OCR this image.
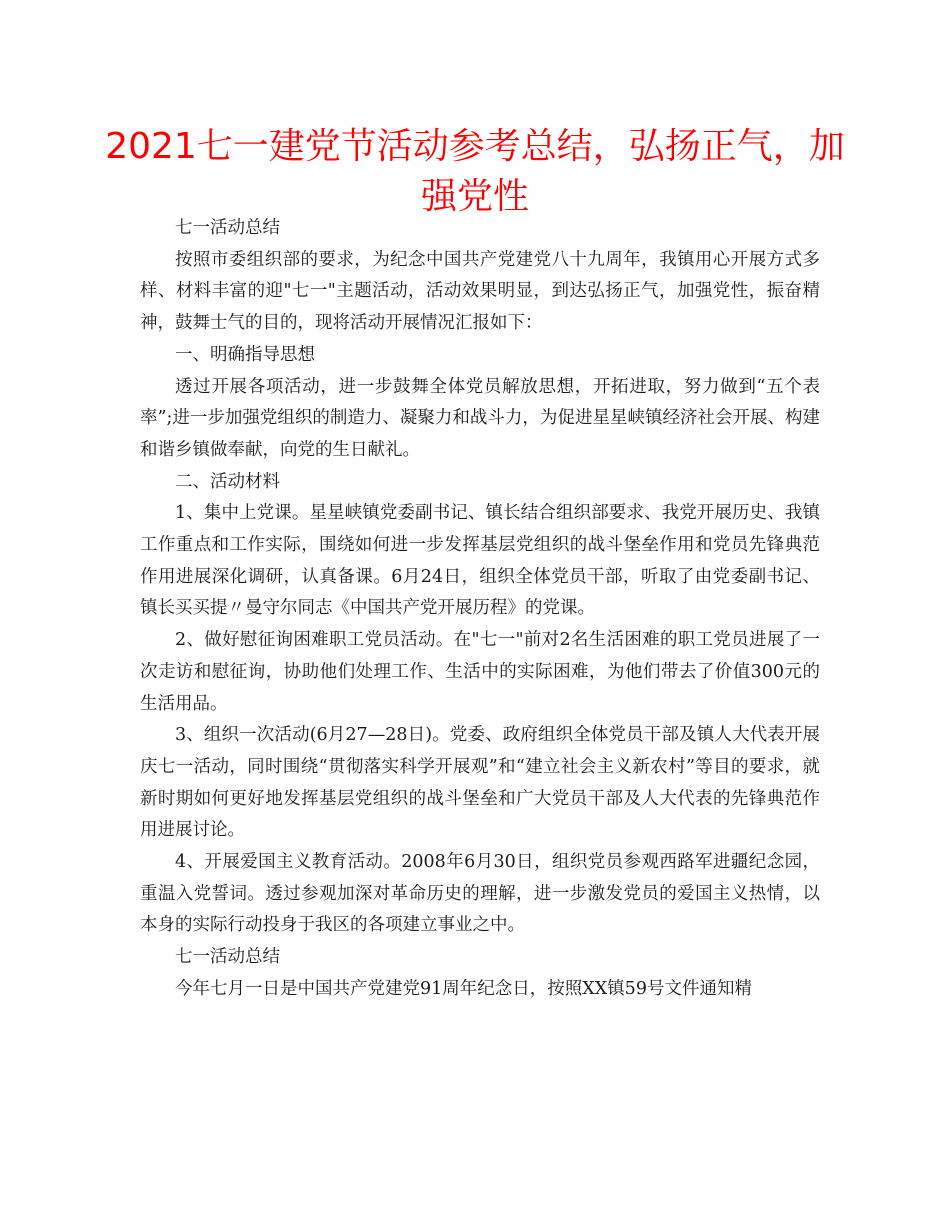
2021七一建党节活动参考总结，弘扬正气，加强党性

七一活动总结

按照市委组织部的要求，为纪念中国共产党建党八十九周年，我镇用心开展方式多样、材料丰富的迎"七一"主题活动，活动效果明显，到达弘扬正气，加强党性，振奋精神，鼓舞士气的目的，现将活动开展情况汇报如下：

一、明确指导思想

透过开展各项活动，进一步鼓舞全体党员解放思想，开拓进取，努力做到“五个表率”;进一步加强党组织的制造力、凝聚力和战斗力，为促进星星峡镇经济社会开展、构建和谐乡镇做奉献，向党的生日献礼。

二、活动材料

1、集中上党课。星星峡镇党委副书记、镇长结合组织部要求、我党开展历史、我镇工作重点和工作实际，围绕如何进一步发挥基层党组织的战斗堡垒作用和党员先锋典范作用进展深化调研，认真备课。6月24日，组织全体党员干部，听取了由党委副书记、镇长买买提〃曼守尔同志《中国共产党开展历程》的党课。

2、做好慰征询困难职工党员活动。在"七一"前对2名生活困难的职工党员进展了一次走访和慰征询，协助他们处理工作、生活中的实际困难，为他们带去了价值300元的生活用品。

3、组织一次活动(6月27—28日)。党委、政府组织全体党员干部及镇人大代表开展庆七一活动，同时围绕“贯彻落实科学开展观”和“建立社会主义新农村”等目的要求，就新时期如何更好地发挥基层党组织的战斗堡垒和广大党员干部及人大代表的先锋典范作用进展讨论。

4、开展爱国主义教育活动。2008年6月30日，组织党员参观西路军进疆纪念园，重温入党誓词。透过参观加深对革命历史的理解，进一步激发党员的爱国主义热情，以本身的实际行动投身于我区的各项建立事业之中。

七一活动总结

今年七月一日是中国共产党建党91周年纪念日，按照XX镇59号文件通知精
